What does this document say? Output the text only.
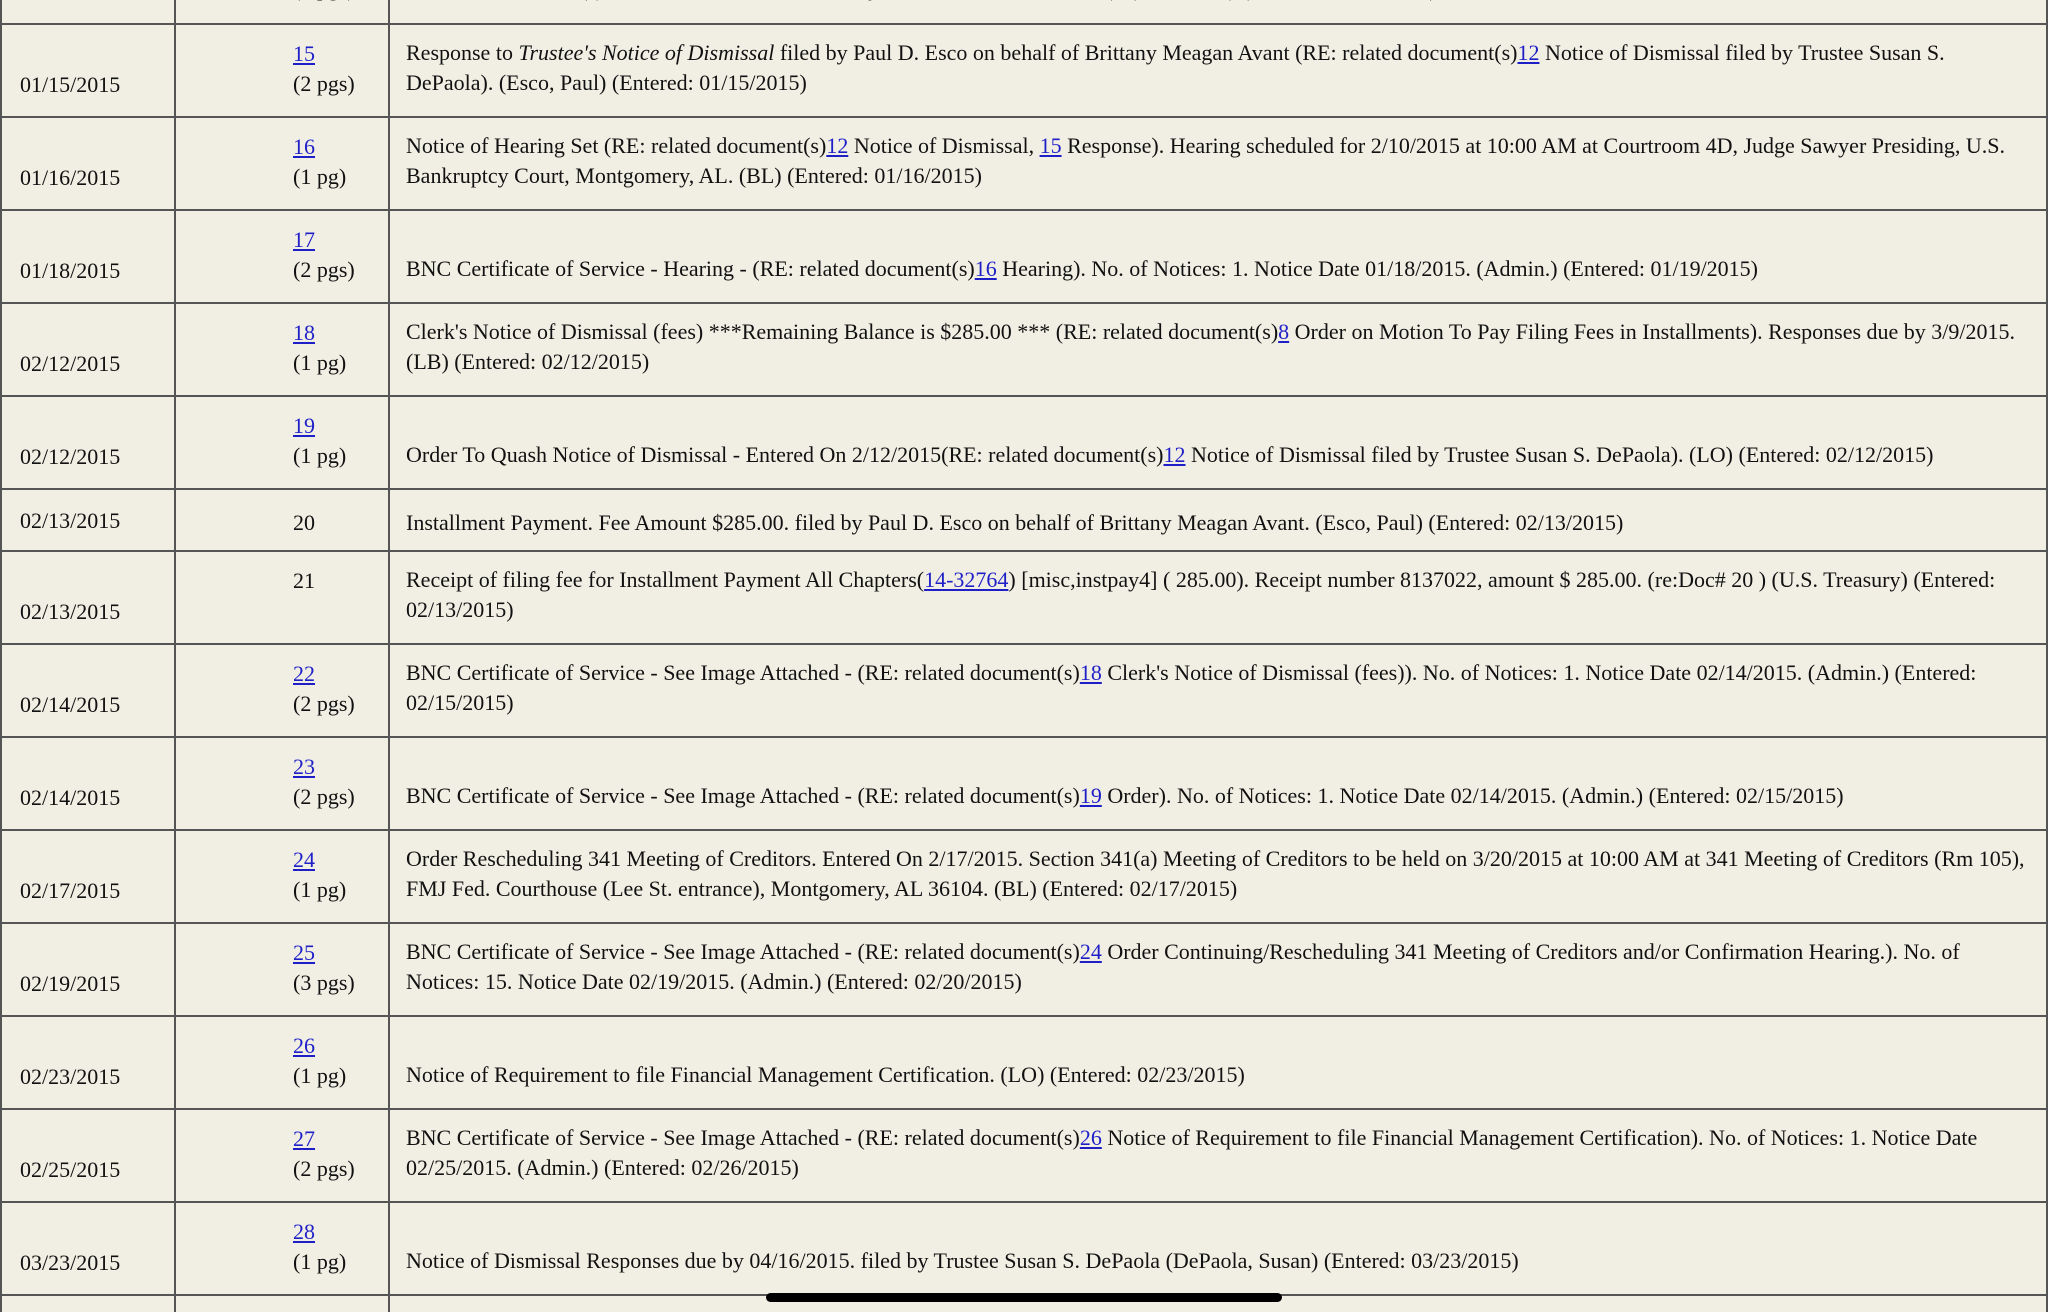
01/15/2015
15
(2 pgs)
Response to Trustee's Notice of Dismissal filed by Paul D. Esco on behalf of Brittany Meagan Avant (RE: related document(s)12 Notice of Dismissal filed by Trustee Susan S. DePaola). (Esco, Paul) (Entered: 01/15/2015)
01/16/2015
16
(1 pg)
Notice of Hearing Set (RE: related document(s)12 Notice of Dismissal, 15 Response). Hearing scheduled for 2/10/2015 at 10:00 AM at Courtroom 4D, Judge Sawyer Presiding, U.S. Bankruptcy Court, Montgomery, AL. (BL) (Entered: 01/16/2015)
01/18/2015
17
(2 pgs) BNC Certificate of Service - Hearing - (RE: related document(s)16 Hearing). No. of Notices: 1. Notice Date 01/18/2015. (Admin.) (Entered: 01/19/2015)
02/12/2015
18
(1 pg)
Clerk's Notice of Dismissal (fees) ***Remaining Balance is $285.00 *** (RE: related document(s)8 Order on Motion To Pay Filing Fees in Installments). Responses due by 3/9/2015. (LB) (Entered: 02/12/2015)
02/12/2015
19
(1 pg)	Order To Quash Notice of Dismissal - Entered On 2/12/2015(RE: related document(s)12 Notice of Dismissal filed by Trustee Susan S. DePaola). (LO) (Entered: 02/12/2015)
02/13/2015	20	Installment Payment. Fee Amount $285.00. filed by Paul D. Esco on behalf of Brittany Meagan Avant. (Esco, Paul) (Entered: 02/13/2015)
02/13/2015
21	Receipt of filing fee for Installment Payment All Chapters(14-32764) [misc,instpay4] ( 285.00). Receipt number 8137022, amount $ 285.00. (re:Doc# 20 ) (U.S. Treasury) (Entered: 02/13/2015)
02/14/2015
22
(2 pgs)
BNC Certificate of Service - See Image Attached - (RE: related document(s)18 Clerk's Notice of Dismissal (fees)). No. of Notices: 1. Notice Date 02/14/2015. (Admin.) (Entered: 02/15/2015)
02/14/2015
23
(2 pgs) BNC Certificate of Service - See Image Attached - (RE: related document(s)19 Order). No. of Notices: 1. Notice Date 02/14/2015. (Admin.) (Entered: 02/15/2015)
02/17/2015
24
(1 pg)
Order Rescheduling 341 Meeting of Creditors. Entered On 2/17/2015. Section 341(a) Meeting of Creditors to be held on 3/20/2015 at 10:00 AM at 341 Meeting of Creditors (Rm 105), FMJ Fed. Courthouse (Lee St. entrance), Montgomery, AL 36104. (BL) (Entered: 02/17/2015)
02/19/2015
25
(3 pgs)
BNC Certificate of Service - See Image Attached - (RE: related document(s)24 Order Continuing/Rescheduling 341 Meeting of Creditors and/or Confirmation Hearing.). No. of Notices: 15. Notice Date 02/19/2015. (Admin.) (Entered: 02/20/2015)
02/23/2015
26
(1 pg)	Notice of Requirement to file Financial Management Certification. (LO) (Entered: 02/23/2015)
02/25/2015
27
(2 pgs)
BNC Certificate of Service - See Image Attached - (RE: related document(s)26 Notice of Requirement to file Financial Management Certification). No. of Notices: 1. Notice Date 02/25/2015. (Admin.) (Entered: 02/26/2015)
03/23/2015
28
(1 pg)	Notice of Dismissal Responses due by 04/16/2015. filed by Trustee Susan S. DePaola (DePaola, Susan) (Entered: 03/23/2015)
